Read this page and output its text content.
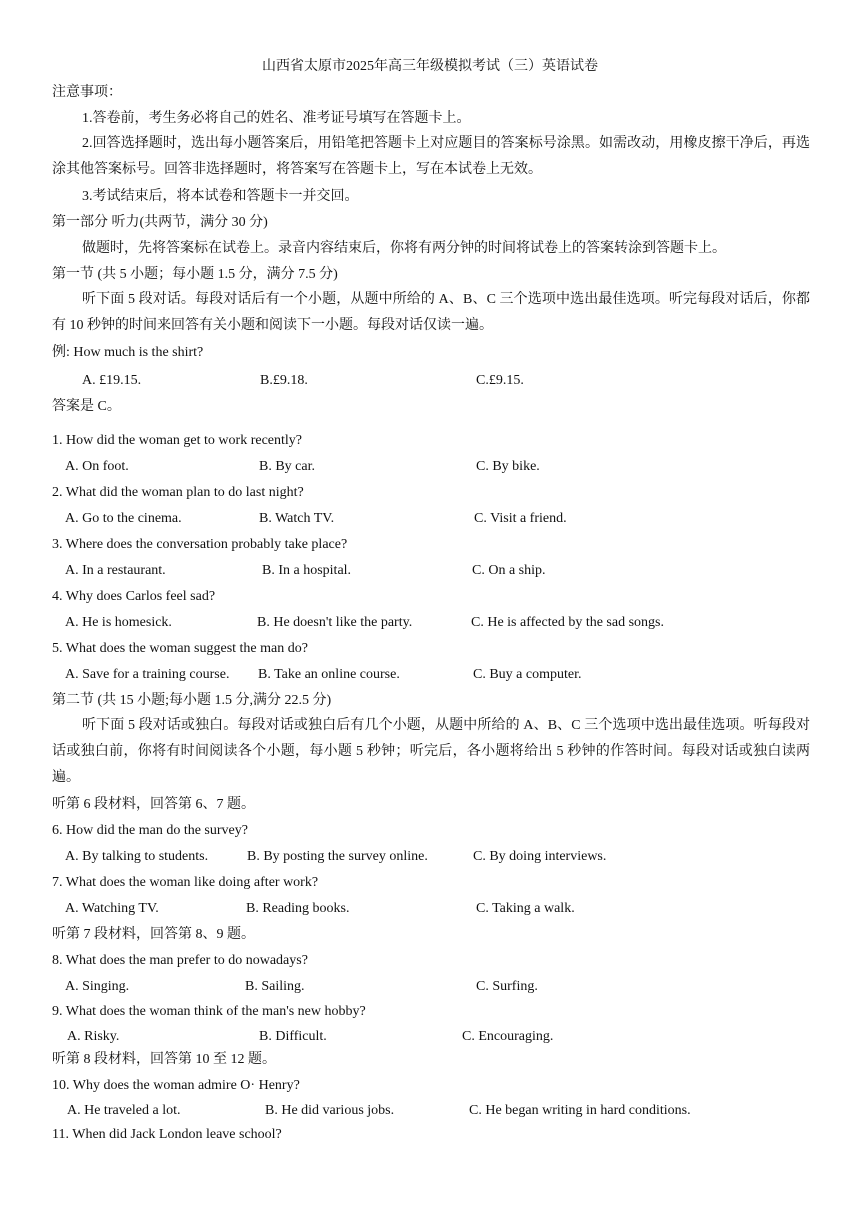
山西省太原市2025年高三年级模拟考试（三）英语试卷
注意事项：
1.答卷前，考生务必将自己的姓名、准考证号填写在答题卡上。
2.回答选择题时，选出每小题答案后，用铅笔把答题卡上对应题目的答案标号涂黑。如需改动，用橡皮擦干净后，再选涂其他答案标号。回答非选择题时，将答案写在答题卡上，写在本试卷上无效。
3.考试结束后，将本试卷和答题卡一并交回。
第一部分 听力(共两节，满分 30 分)
做题时，先将答案标在试卷上。录音内容结束后，你将有两分钟的时间将试卷上的答案转涂到答题卡上。
第一节 (共 5 小题；每小题 1.5 分，满分 7.5 分)
听下面 5 段对话。每段对话后有一个小题，从题中所给的 A、B、C 三个选项中选出最佳选项。听完每段对话后，你都有 10 秒钟的时间来回答有关小题和阅读下一小题。每段对话仅读一遍。
例: How much is the shirt?
A. £19.15.	B.£9.18.	C.£9.15.
答案是 C。
1. How did the woman get to work recently?
A. On foot.	B. By car.	C. By bike.
2. What did the woman plan to do last night?
A. Go to the cinema.	B. Watch TV.	C. Visit a friend.
3. Where does the conversation probably take place?
A. In a restaurant.	B. In a hospital.	C. On a ship.
4. Why does Carlos feel sad?
A. He is homesick.	B. He doesn't like the party.	C. He is affected by the sad songs.
5. What does the woman suggest the man do?
A. Save for a training course. B. Take an online course.	C. Buy a computer.
第二节 (共 15 小题;每小题 1.5 分,满分 22.5 分)
听下面 5 段对话或独白。每段对话或独白后有几个小题，从题中所给的 A、B、C 三个选项中选出最佳选项。听每段对话或独白前，你将有时间阅读各个小题，每小题 5 秒钟；听完后，各小题将给出 5 秒钟的作答时间。每段对话或独白读两遍。
听第 6 段材料，回答第 6、7 题。
6. How did the man do the survey?
A. By talking to students.	B. By posting the survey online.	C. By doing interviews.
7. What does the woman like doing after work?
A. Watching TV.	B. Reading books.	C. Taking a walk.
听第 7 段材料，回答第 8、9 题。
8. What does the man prefer to do nowadays?
A. Singing.	B. Sailing.	C. Surfing.
9. What does the woman think of the man's new hobby?
A. Risky.	B. Difficult.	C. Encouraging.
听第 8 段材料，回答第 10 至 12 题。
10. Why does the woman admire O· Henry?
A. He traveled a lot.	B. He did various jobs.	C. He began writing in hard conditions.
11. When did Jack London leave school?
